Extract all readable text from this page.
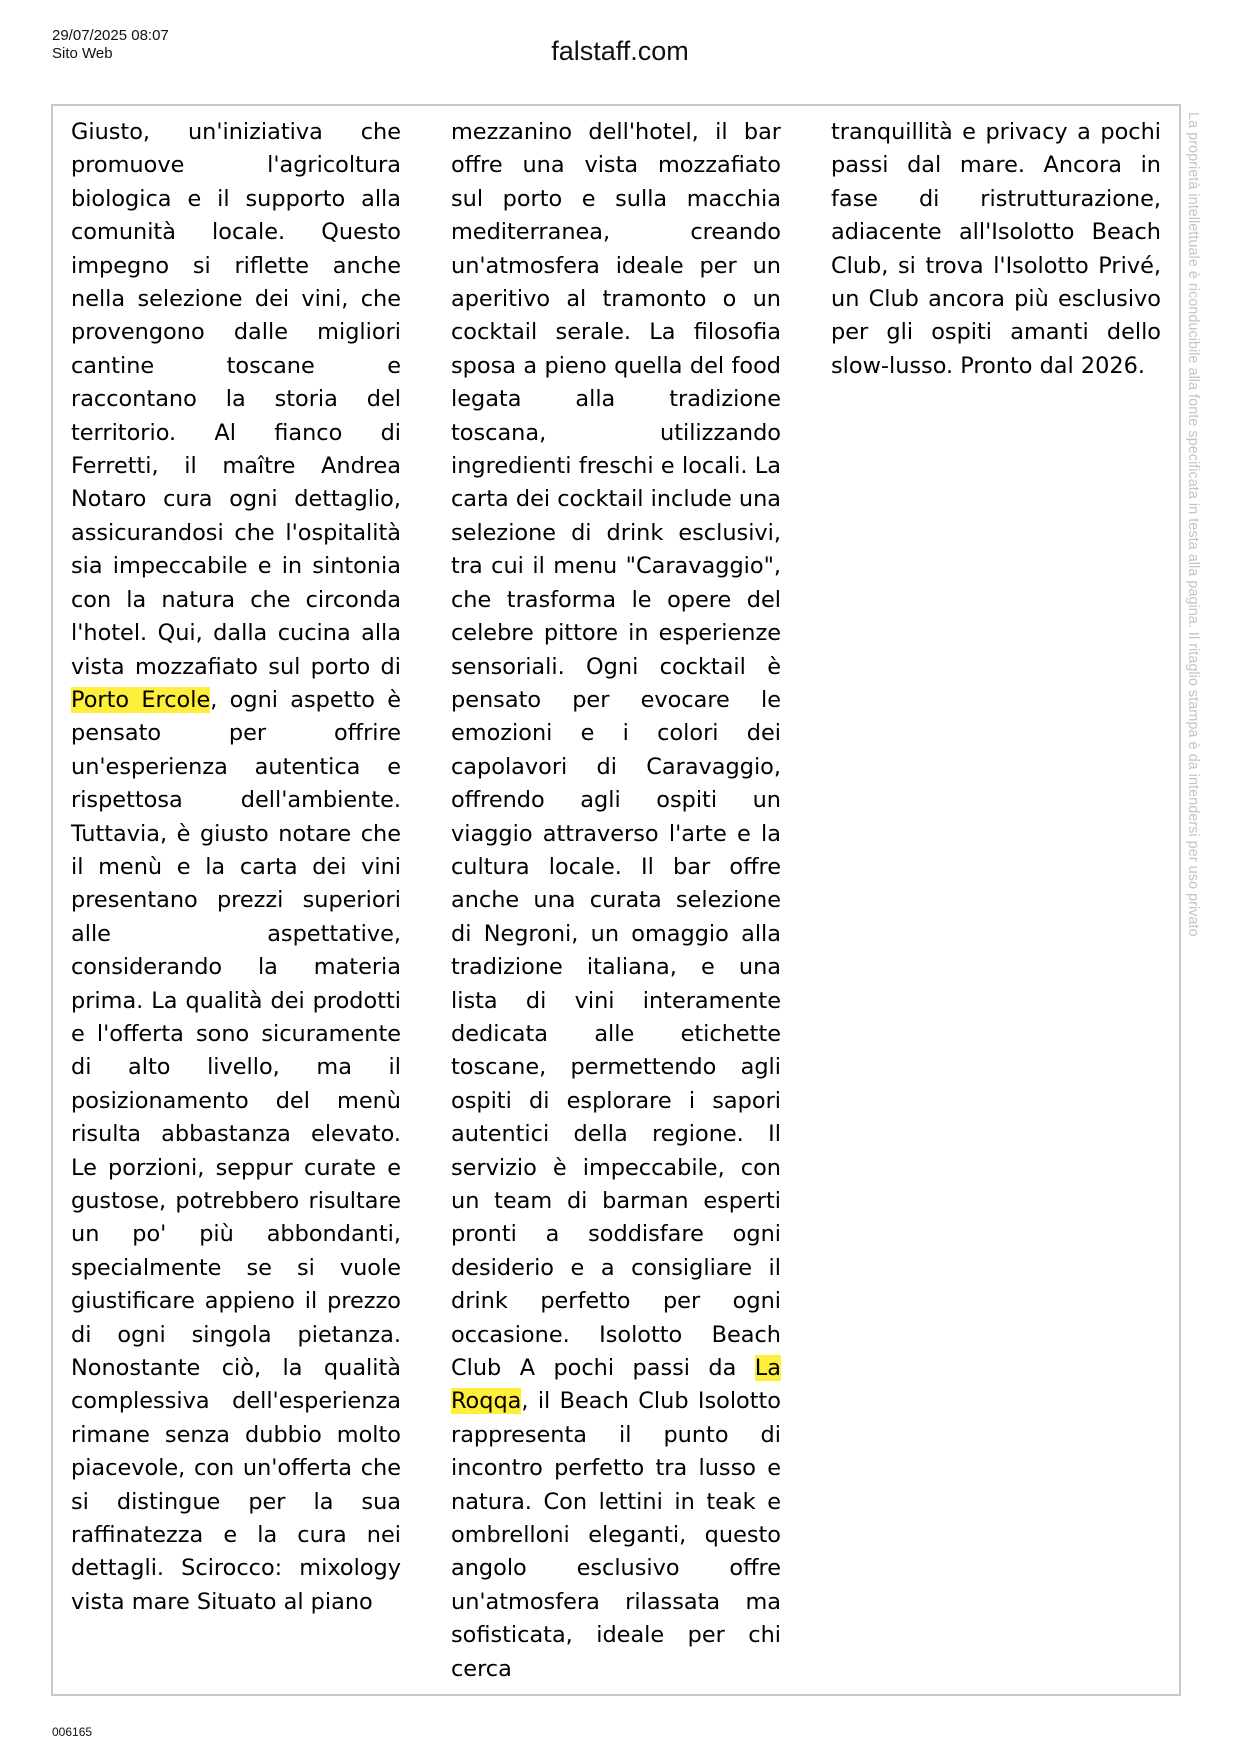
29/07/2025 08:07
Sito Web	falstaff.com

Giusto, un'iniziativa che promuove l'agricoltura biologica e il supporto alla comunità locale. Questo impegno si riflette anche nella selezione dei vini, che provengono dalle migliori cantine toscane e raccontano la storia del territorio. Al fianco di Ferretti, il maître Andrea Notaro cura ogni dettaglio, assicurandosi che l'ospitalità sia impeccabile e in sintonia con la natura che circonda l'hotel. Qui, dalla cucina alla vista mozzafiato sul porto di Porto Ercole, ogni aspetto è pensato per offrire un'esperienza autentica e rispettosa dell'ambiente. Tuttavia, è giusto notare che il menù e la carta dei vini presentano prezzi superiori alle aspettative, considerando la materia prima. La qualità dei prodotti e l'offerta sono sicuramente di alto livello, ma il posizionamento del menù risulta abbastanza elevato. Le porzioni, seppur curate e gustose, potrebbero risultare un po' più abbondanti, specialmente se si vuole giustificare appieno il prezzo di ogni singola pietanza. Nonostante ciò, la qualità complessiva dell'esperienza rimane senza dubbio molto piacevole, con un'offerta che si distingue per la sua raffinatezza e la cura nei dettagli. Scirocco: mixology vista mare Situato al piano

mezzanino dell'hotel, il bar offre una vista mozzafiato sul porto e sulla macchia mediterranea, creando un'atmosfera ideale per un aperitivo al tramonto o un cocktail serale. La filosofia sposa a pieno quella del food legata alla tradizione toscana, utilizzando ingredienti freschi e locali. La carta dei cocktail include una selezione di drink esclusivi, tra cui il menu "Caravaggio", che trasforma le opere del celebre pittore in esperienze sensoriali. Ogni cocktail è pensato per evocare le emozioni e i colori dei capolavori di Caravaggio, offrendo agli ospiti un viaggio attraverso l'arte e la cultura locale. Il bar offre anche una curata selezione di Negroni, un omaggio alla tradizione italiana, e una lista di vini interamente dedicata alle etichette toscane, permettendo agli ospiti di esplorare i sapori autentici della regione. Il servizio è impeccabile, con un team di barman esperti pronti a soddisfare ogni desiderio e a consigliare il drink perfetto per ogni occasione. Isolotto Beach Club A pochi passi da La Roqqa, il Beach Club Isolotto rappresenta il punto di incontro perfetto tra lusso e natura. Con lettini in teak e ombrelloni eleganti, questo angolo esclusivo offre un'atmosfera rilassata ma sofisticata, ideale per chi cerca

tranquillità e privacy a pochi passi dal mare. Ancora in fase di ristrutturazione, adiacente all'Isolotto Beach Club, si trova l'Isolotto Privé, un Club ancora più esclusivo per gli ospiti amanti dello slow-lusso. Pronto dal 2026.	La proprietà intellettuale è riconducibile alla fonte specificata in testa alla pagina. Il ritaglio stampa è da intendersi per uso privato
006165
